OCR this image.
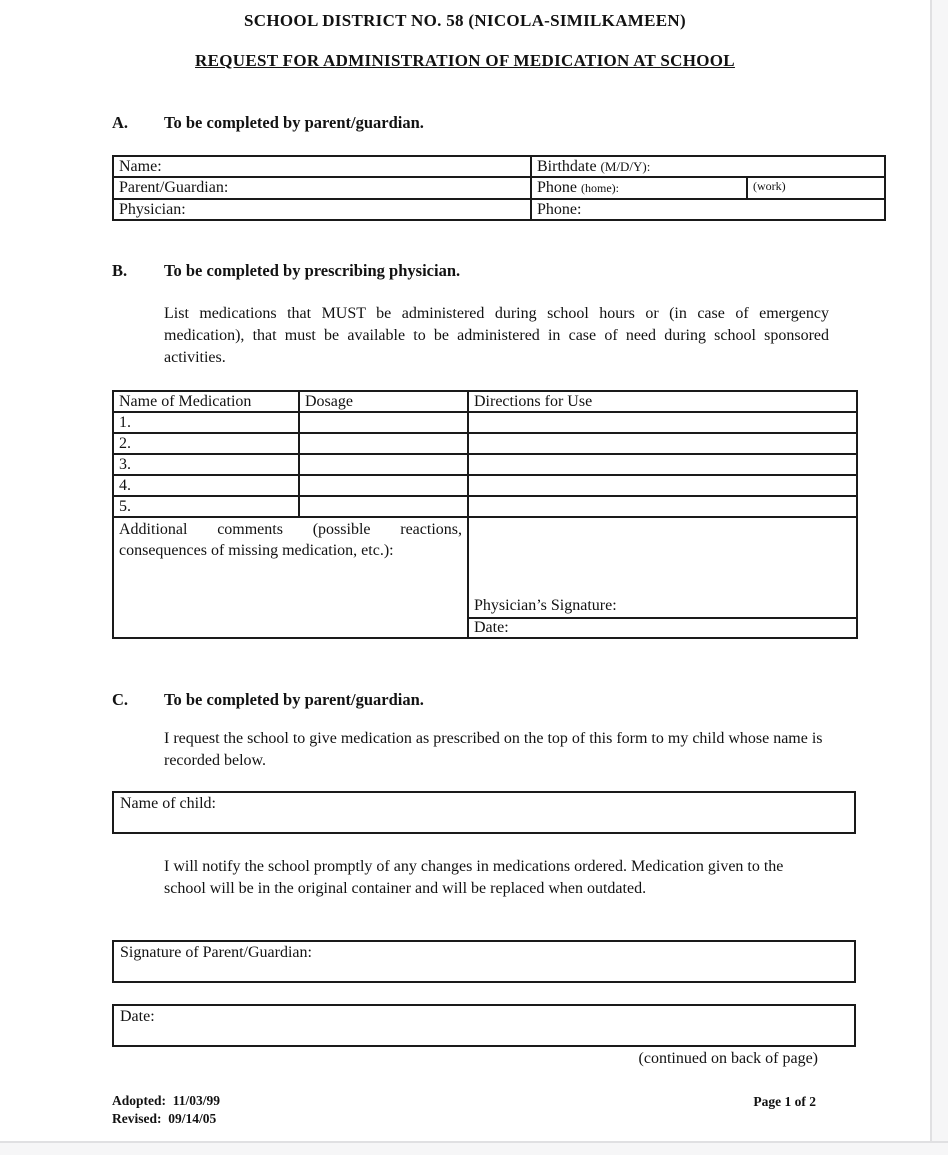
SCHOOL DISTRICT NO. 58 (NICOLA-SIMILKAMEEN)
REQUEST FOR ADMINISTRATION OF MEDICATION AT SCHOOL
A. To be completed by parent/guardian.
Name:	Birthdate (M/D/Y):	
Parent/Guardian:	Phone (home):	(work)
Physician:	Phone:	
B. To be completed by prescribing physician.
List medications that MUST be administered during school hours or (in case of emergency medication), that must be available to be administered in case of need during school sponsored activities.
Name of Medication	Dosage	Directions for Use
1.		
2.		
3.		
4.		
5.		
Additional comments (possible reactions, consequences of missing medication, etc.):		Physician’s Signature:
		Date:
C. To be completed by parent/guardian.
I request the school to give medication as prescribed on the top of this form to my child whose name is recorded below.
Name of child:
I will notify the school promptly of any changes in medications ordered. Medication given to the school will be in the original container and will be replaced when outdated.
Signature of Parent/Guardian:
Date:
(continued on back of page)
Adopted:  11/03/99
Revised:  09/14/05
Page 1 of 2
